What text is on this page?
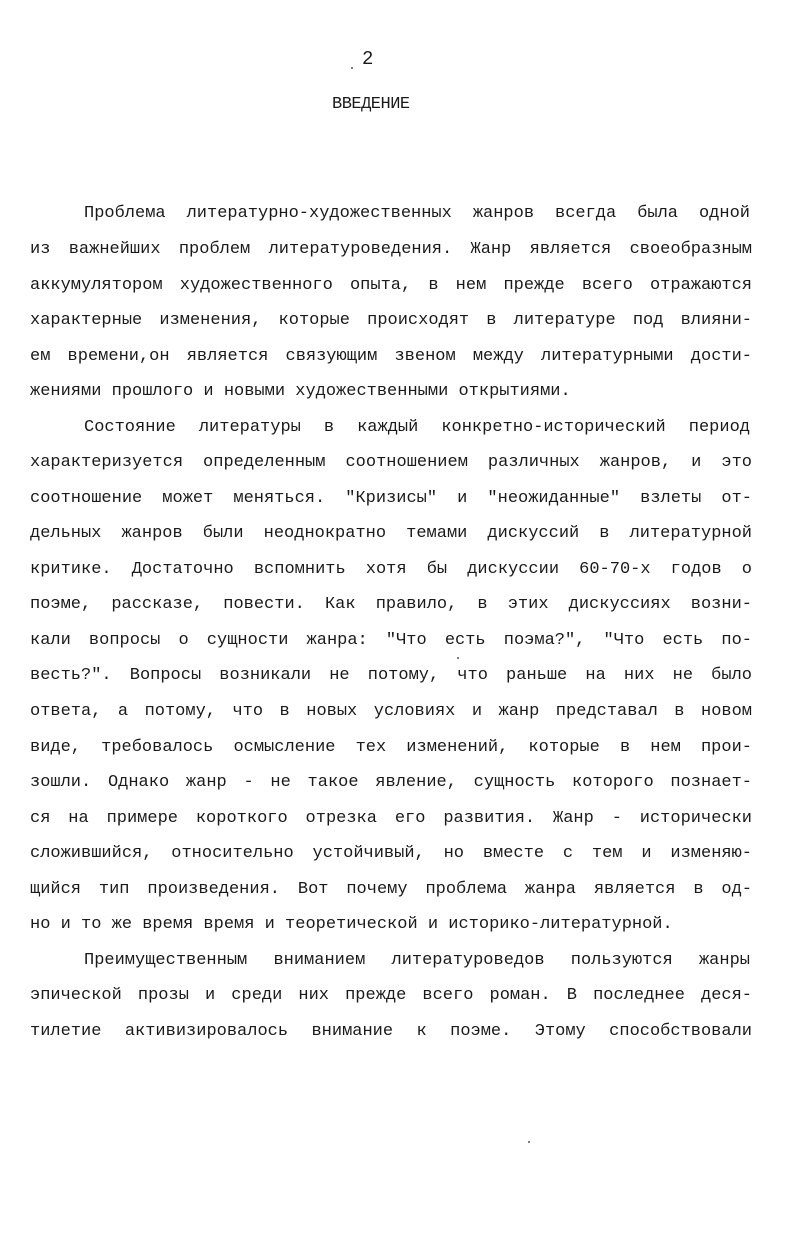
2
ВВЕДЕНИЕ
Проблема литературно-художественных жанров всегда была одной
из важнейших проблем литературоведения. Жанр является своеобразным
аккумулятором художественного опыта, в нем прежде всего отражаются
характерные изменения, которые происходят в литературе под влияни-
ем времени,он является связующим звеном между литературными дости-
жениями прошлого и новыми художественными открытиями.
Состояние литературы в каждый конкретно-исторический период
характеризуется определенным соотношением различных жанров, и это
соотношение может меняться. "Кризисы" и "неожиданные" взлеты от-
дельных жанров были неоднократно темами дискуссий в литературной
критике. Достаточно вспомнить хотя бы дискуссии 60-70-х годов о
поэме, рассказе, повести. Как правило, в этих дискуссиях возни-
кали вопросы о сущности жанра: "Что есть поэма?", "Что есть по-
весть?". Вопросы возникали не потому, что раньше на них не было
ответа, а потому, что в новых условиях и жанр представал в новом
виде, требовалось осмысление тех изменений, которые в нем прои-
зошли. Однако жанр - не такое явление, сущность которого познает-
ся на примере короткого отрезка его развития. Жанр - исторически
сложившийся, относительно устойчивый, но вместе с тем и изменяю-
щийся тип произведения. Вот почему проблема жанра является в од-
но и то же время время и теоретической и историко-литературной.
Преимущественным вниманием литературоведов пользуются жанры
эпической прозы и среди них прежде всего роман. В последнее деся-
тилетие активизировалось внимание к поэме. Этому способствовали
